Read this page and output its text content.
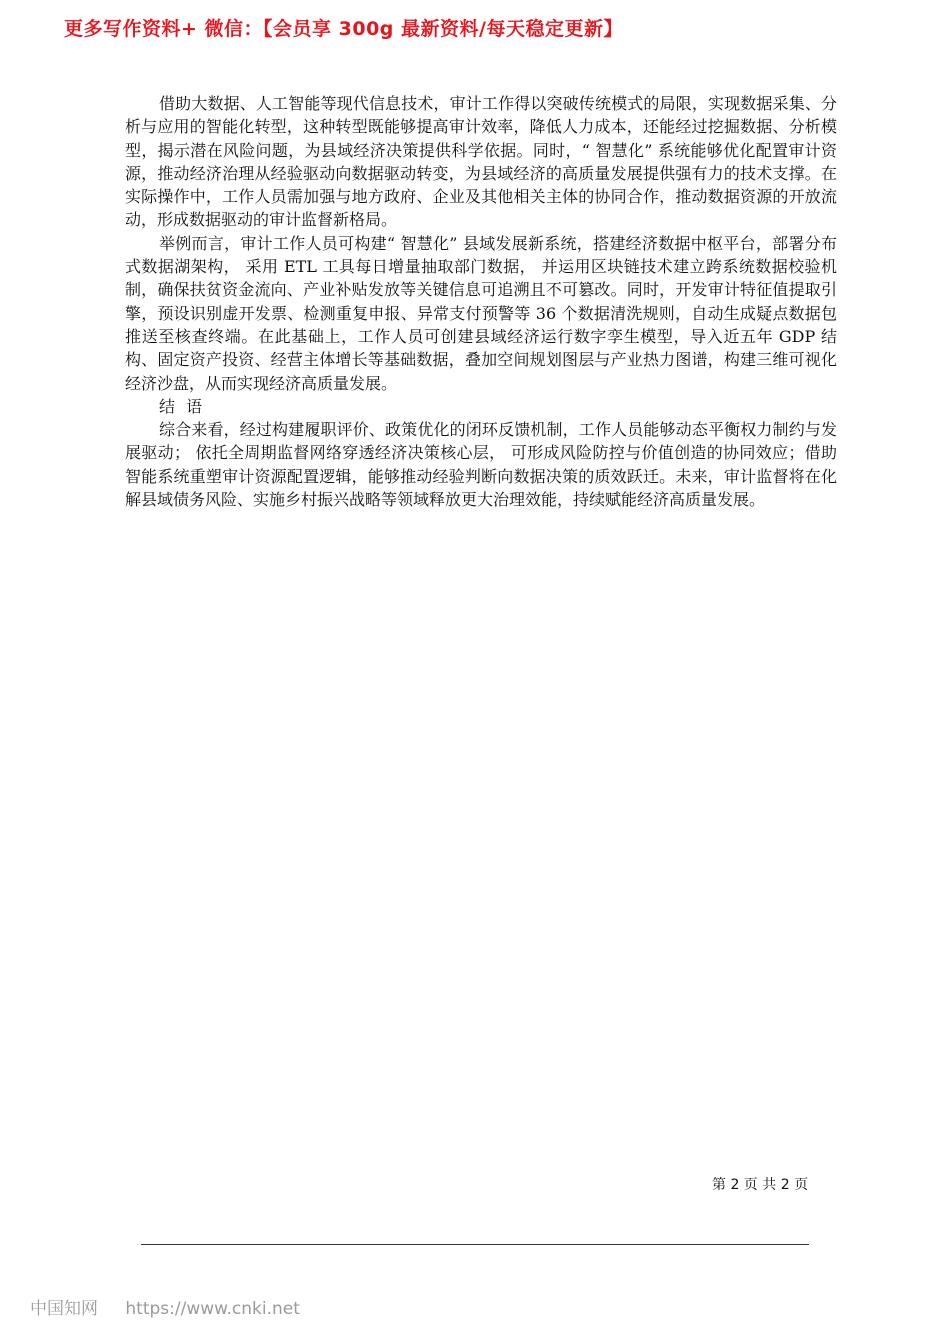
更多写作资料+ 微信：【会员享 300g 最新资料/每天稳定更新】

借助大数据、人工智能等现代信息技术，审计工作得以突破传统模式的局限，实现数据采集、分析与应用的智能化转型，这种转型既能够提高审计效率，降低人力成本，还能经过挖掘数据、分析模型，揭示潜在风险问题，为县域经济决策提供科学依据。同时，“ 智慧化” 系统能够优化配置审计资源，推动经济治理从经验驱动向数据驱动转变，为县域经济的高质量发展提供强有力的技术支撑。在实际操作中，工作人员需加强与地方政府、企业及其他相关主体的协同合作，推动数据资源的开放流动，形成数据驱动的审计监督新格局。

举例而言，审计工作人员可构建“ 智慧化” 县域发展新系统，搭建经济数据中枢平台，部署分布式数据湖架构， 采用 ETL 工具每日增量抽取部门数据， 并运用区块链技术建立跨系统数据校验机制，确保扶贫资金流向、产业补贴发放等关键信息可追溯且不可篡改。同时，开发审计特征值提取引擎，预设识别虚开发票、检测重复申报、异常支付预警等 36 个数据清洗规则，自动生成疑点数据包推送至核查终端。在此基础上，工作人员可创建县域经济运行数字孪生模型，导入近五年 GDP 结构、固定资产投资、经营主体增长等基础数据，叠加空间规划图层与产业热力图谱，构建三维可视化经济沙盘，从而实现经济高质量发展。

结 语

综合来看，经过构建履职评价、政策优化的闭环反馈机制，工作人员能够动态平衡权力制约与发展驱动； 依托全周期监督网络穿透经济决策核心层， 可形成风险防控与价值创造的协同效应；借助智能系统重塑审计资源配置逻辑，能够推动经验判断向数据决策的质效跃迁。未来，审计监督将在化解县域债务风险、实施乡村振兴战略等领域释放更大治理效能，持续赋能经济高质量发展。

第 2 页 共 2 页
中国知网 https://www.cnki.net
